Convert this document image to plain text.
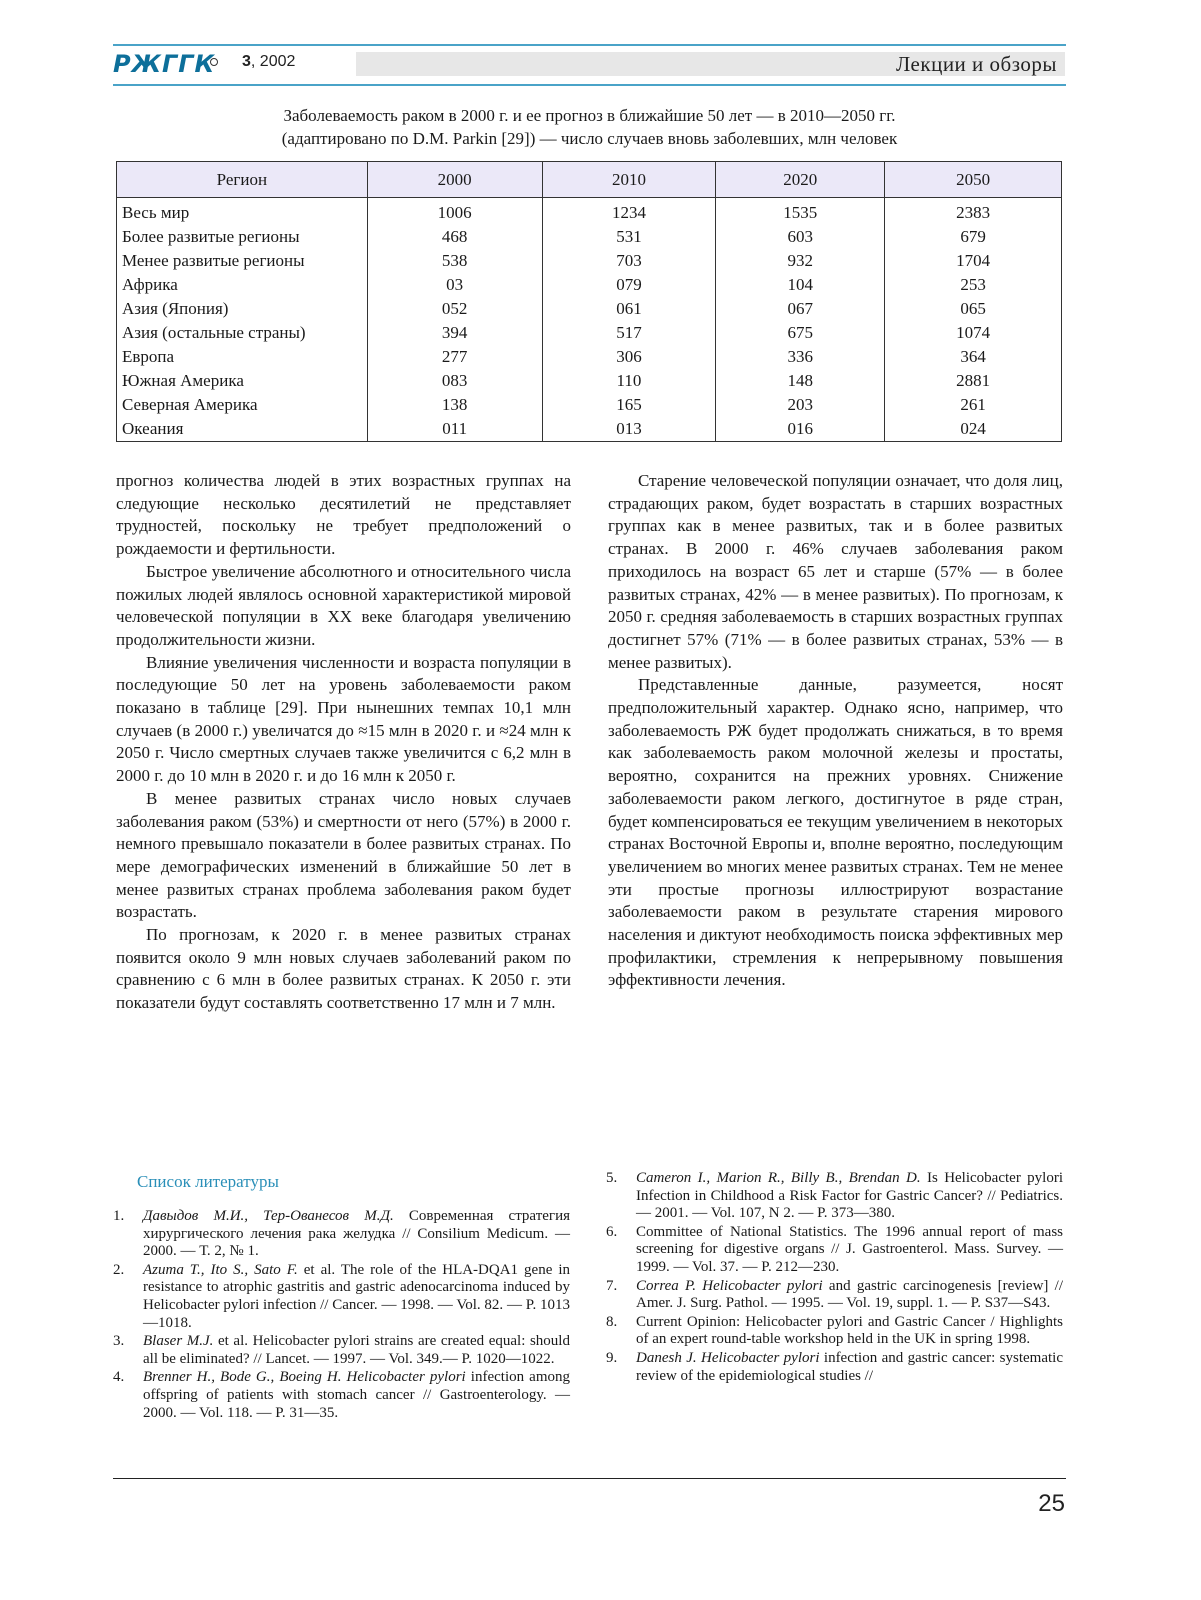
РЖГГК 3, 2002	Лекции и обзоры
Заболеваемость раком в 2000 г. и ее прогноз в ближайшие 50 лет — в 2010—2050 гг.
(адаптировано по D.M. Parkin [29]) — число случаев вновь заболевших, млн человек
Регион	2000	2010	2020	2050
Весь мир	1006	1234	1535	2383
Более развитые регионы	468	531	603	679
Менее развитые регионы	538	703	932	1704
Африка	03	079	104	253
Азия (Япония)	052	061	067	065
Азия (остальные страны)	394	517	675	1074
Европа	277	306	336	364
Южная Америка	083	110	148	2881
Северная Америка	138	165	203	261
Океания	011	013	016	024

прогноз количества людей в этих возрастных группах на следующие несколько десятилетий не представляет трудностей, поскольку не требует предположений о рождаемости и фертильности.

Быстрое увеличение абсолютного и относительного числа пожилых людей являлось основной характеристикой мировой человеческой популяции в XX веке благодаря увеличению продолжительности жизни.

Влияние увеличения численности и возраста популяции в последующие 50 лет на уровень заболеваемости раком показано в таблице [29]. При нынешних темпах 10,1 млн случаев (в 2000 г.) увеличатся до ≈15 млн в 2020 г. и ≈24 млн к 2050 г. Число смертных случаев также увеличится с 6,2 млн в 2000 г. до 10 млн в 2020 г. и до 16 млн к 2050 г.

В менее развитых странах число новых случаев заболевания раком (53%) и смертности от него (57%) в 2000 г. немного превышало показатели в более развитых странах. По мере демографических изменений в ближайшие 50 лет в менее развитых странах проблема заболевания раком будет возрастать.

По прогнозам, к 2020 г. в менее развитых странах появится около 9 млн новых случаев заболеваний раком по сравнению с 6 млн в более развитых странах. К 2050 г. эти показатели будут составлять соответственно 17 млн и 7 млн.

Старение человеческой популяции означает, что доля лиц, страдающих раком, будет возрастать в старших возрастных группах как в менее развитых, так и в более развитых странах. В 2000 г. 46% случаев заболевания раком приходилось на возраст 65 лет и старше (57% — в более развитых странах, 42% — в менее развитых). По прогнозам, к 2050 г. средняя заболеваемость в старших возрастных группах достигнет 57% (71% — в более развитых странах, 53% — в менее развитых).

Представленные данные, разумеется, носят предположительный характер. Однако ясно, например, что заболеваемость РЖ будет продолжать снижаться, в то время как заболеваемость раком молочной железы и простаты, вероятно, сохранится на прежних уровнях. Снижение заболеваемости раком легкого, достигнутое в ряде стран, будет компенсироваться ее текущим увеличением в некоторых странах Восточной Европы и, вполне вероятно, последующим увеличением во многих менее развитых странах. Тем не менее эти простые прогнозы иллюстрируют возрастание заболеваемости раком в результате старения мирового населения и диктуют необходимость поиска эффективных мер профилактики, стремления к непрерывному повышения эффективности лечения.

Список литературы
1. Давыдов М.И., Тер-Ованесов М.Д. Современная стратегия хирургического лечения рака желудка // Consilium Medicum. — 2000. — Т. 2, № 1.
2. Azuma T., Ito S., Sato F. et al. The role of the HLA-DQA1 gene in resistance to atrophic gastritis and gastric adenocarcinoma induced by Helicobacter pylori infection // Cancer. — 1998. — Vol. 82. — P. 1013—1018.
3. Blaser M.J. et al. Helicobacter pylori strains are created equal: should all be eliminated? // Lancet. — 1997. — Vol. 349.— P. 1020—1022.
4. Brenner H., Bode G., Boeing H. Helicobacter pylori infection among offspring of patients with stomach cancer // Gastroenterology. — 2000. — Vol. 118. — P. 31—35.
5. Cameron I., Marion R., Billy B., Brendan D. Is Helicobacter pylori Infection in Childhood a Risk Factor for Gastric Cancer? // Pediatrics. — 2001. — Vol. 107, N 2. — P. 373—380.
6. Committee of National Statistics. The 1996 annual report of mass screening for digestive organs // J. Gastroenterol. Mass. Survey. — 1999. — Vol. 37. — P. 212—230.
7. Correa P. Helicobacter pylori and gastric carcinogenesis [review] // Amer. J. Surg. Pathol. — 1995. — Vol. 19, suppl. 1. — P. S37—S43.
8. Current Opinion: Helicobacter pylori and Gastric Cancer / Highlights of an expert round-table workshop held in the UK in spring 1998.
9. Danesh J. Helicobacter pylori infection and gastric cancer: systematic review of the epidemiological studies //
25
